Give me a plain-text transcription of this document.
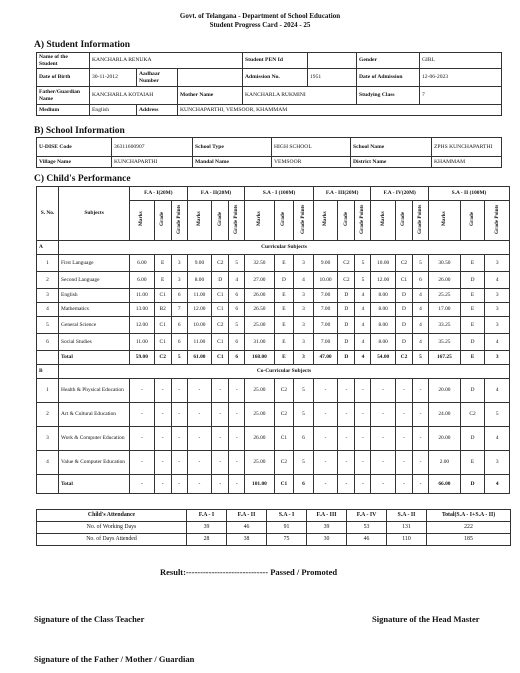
Govt. of Telangana - Department of School Education
Student Progress Card - 2024 - 25
A) Student Information
Name of the Student	KANCHARLA RENUKA			Student PEN Id		Gender	GIRL
Date of Birth	30-11-2012	Aadhaar Number		Admission No.	1951	Date of Admission	12-06-2023
Father/Guardian Name	KANCHARLA KOTAIAH		Mother Name	KANCHARLA RUKMINI		Studying Class	7
Medium	English	Address	KUNCHAPARTHI, VEMSOOR, KHAMMAM				
B) School Information
U-DISE Code	36311600907	School Type	HIGH SCHOOL	School Name	ZPHS KUNCHAPARTHI
Village Name	KUNCHAPARTHI	Mandal Name	VEMSOOR	District Name	KHAMMAM
C) Child's Performance
S. No.	Subjects	F.A - I(20M)			F.A - II(20M)			S.A - I (100M)			F.A - III(20M)			F.A - IV(20M)			S.A - II (100M)		
		Marks	Grade	Grade Points	Marks	Grade	Grade Points	Marks	Grade	Grade Points	Marks	Grade	Grade Points	Marks	Grade	Grade Points	Marks	Grade	Grade Points
A	Curricular Subjects																		
1	First Language	6.00	E	3	9.00	C2	5	32.50	E	3	9.00	C2	5	10.00	C2	5	30.50	E	3
2	Second Language	6.00	E	3	8.00	D	4	27.00	D	4	10.00	C2	5	12.00	C1	6	26.00	D	4
3	English	11.00	C1	6	11.00	C1	6	26.00	E	3	7.00	D	4	8.00	D	4	25.25	E	3
4	Mathematics	13.00	B2	7	12.00	C1	6	26.50	E	3	7.00	D	4	8.00	D	4	17.00	E	3
5	General Science	12.00	C1	6	10.00	C2	5	25.00	E	3	7.00	D	4	8.00	D	4	33.25	E	3
6	Social Studies	11.00	C1	6	11.00	C1	6	31.00	E	3	7.00	D	4	8.00	D	4	35.25	D	4
	Total	59.00	C2	5	61.00	C1	6	168.00	E	3	47.00	D	4	54.00	C2	5	167.25	E	3
B	Co-Curricular Subjects																		
1	Health & Physical Education	-	-	-	-	-	-	25.00	C2	5	-	-	-	-	-	-	20.00	D	4
2	Art & Cultural Education	-	-	-	-	-	-	25.00	C2	5	-	-	-	-	-	-	24.00	C2	5
3	Work & Computer Education	-	-	-	-	-	-	26.00	C1	6	-	-	-	-	-	-	20.00	D	4
4	Value & Computer Education	-	-	-	-	-	-	25.00	C2	5	-	-	-	-	-	-	2.00	E	3
	Total	-	-	-	-	-	-	101.00	C1	6	-	-	-	-	-	-	66.00	D	4
Child's Attendance	F.A - I	F.A - II	S.A - I	F.A - III	F.A - IV	S.A - II	Total(S.A - I+S.A - II)
No. of Working Days	39	46	91	39	53	131	222
No. of Days Attended	28	38	75	30	46	110	185
Result:----------------------------- Passed / Promoted
Signature of the Class Teacher	Signature of the Head Master
Signature of the Father / Mother / Guardian
